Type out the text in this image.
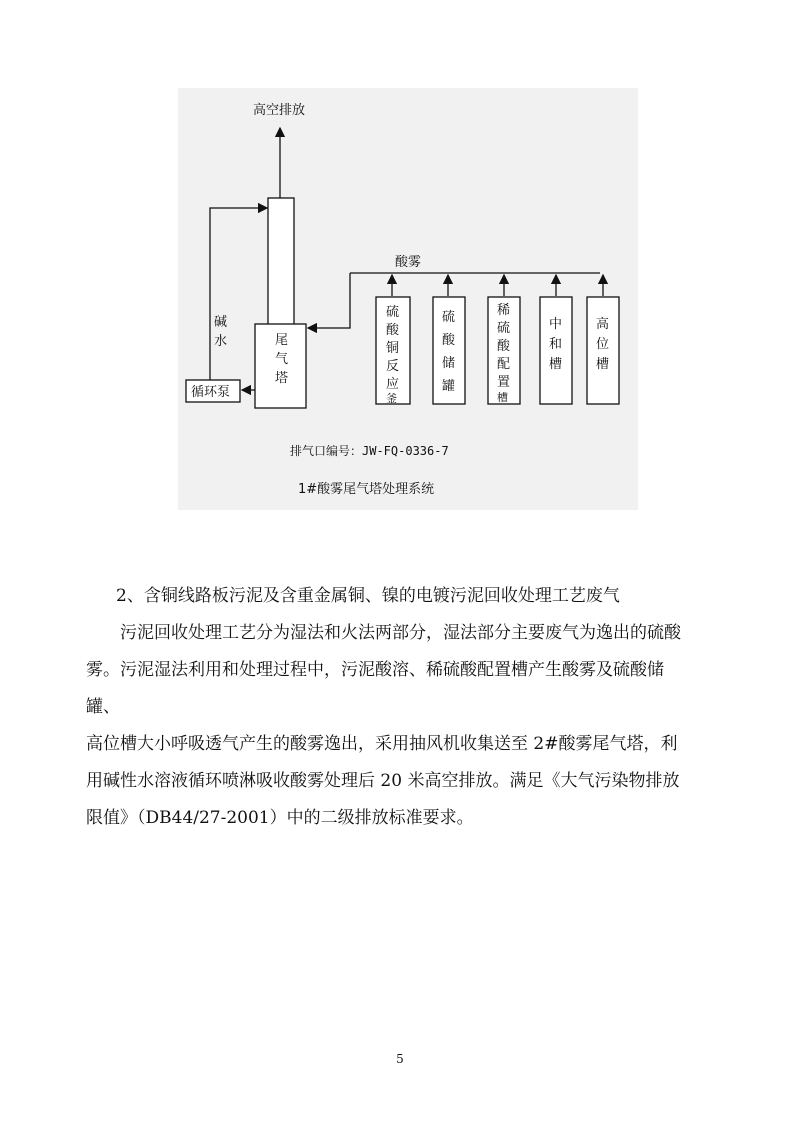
高空排放
尾
气
塔
循环泵
碱
水
酸雾
硫
酸
铜
反
应
釜
硫
酸
储
罐
稀
硫
酸
配
置
槽
中
和
槽
高
位
槽
排气口编号：JW-FQ-0336-7
1#酸雾尾气塔处理系统

2、含铜线路板污泥及含重金属铜、镍的电镀污泥回收处理工艺废气

污泥回收处理工艺分为湿法和火法两部分，湿法部分主要废气为逸出的硫酸

雾。污泥湿法利用和处理过程中，污泥酸溶、稀硫酸配置槽产生酸雾及硫酸储罐、

高位槽大小呼吸透气产生的酸雾逸出，采用抽风机收集送至 2#酸雾尾气塔，利

用碱性水溶液循环喷淋吸收酸雾处理后 20 米高空排放。满足《大气污染物排放

限值》（DB44/27-2001）中的二级排放标准要求。

5
